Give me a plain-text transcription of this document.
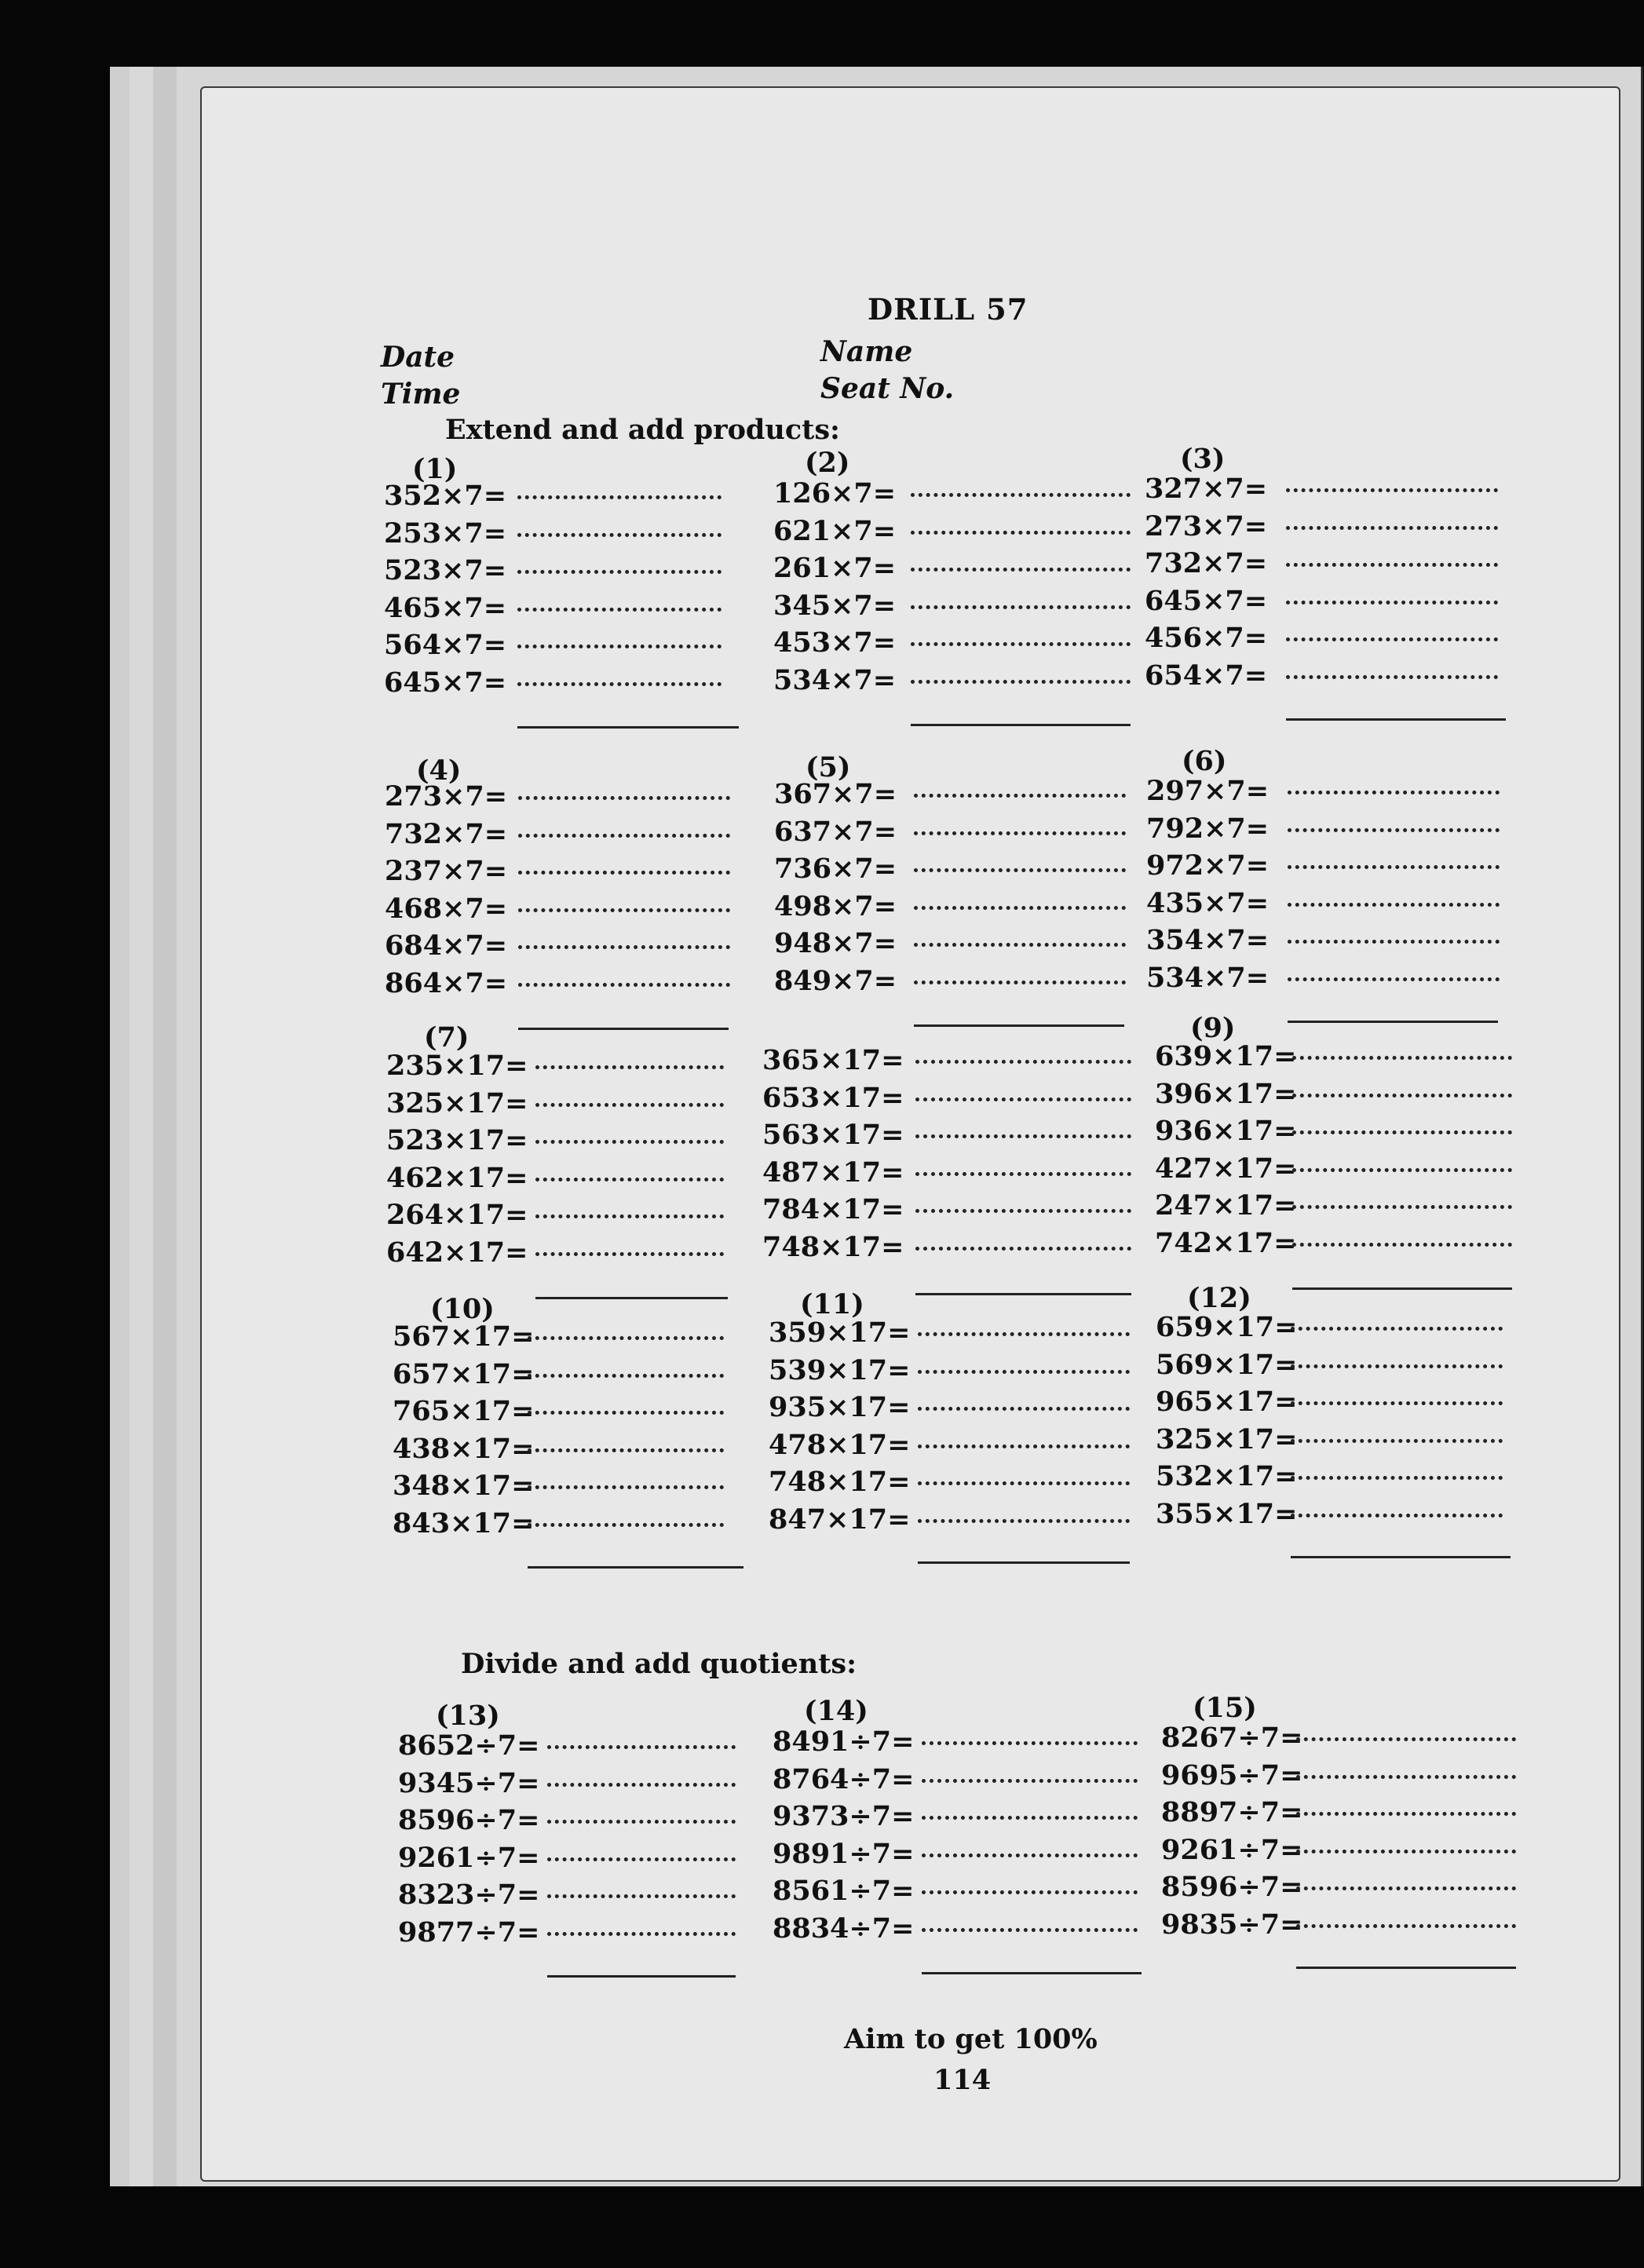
DRILL 57
Date
Time
Name
Seat No.
Extend and add products:
(1)
352×7=
253×7=
523×7=
465×7=
564×7=
645×7=
(2)
126×7=
621×7=
261×7=
345×7=
453×7=
534×7=
(3)
327×7=
273×7=
732×7=
645×7=
456×7=
654×7=
(4)
273×7=
732×7=
237×7=
468×7=
684×7=
864×7=
(5)
367×7=
637×7=
736×7=
498×7=
948×7=
849×7=
(6)
297×7=
792×7=
972×7=
435×7=
354×7=
534×7=
(7)
235×17=
325×17=
523×17=
462×17=
264×17=
642×17=
365×17=
653×17=
563×17=
487×17=
784×17=
748×17=
(9)
639×17=
396×17=
936×17=
427×17=
247×17=
742×17=
(10)
567×17=
657×17=
765×17=
438×17=
348×17=
843×17=
(11)
359×17=
539×17=
935×17=
478×17=
748×17=
847×17=
(12)
659×17=
569×17=
965×17=
325×17=
532×17=
355×17=
(13)
8652÷7=
9345÷7=
8596÷7=
9261÷7=
8323÷7=
9877÷7=
(14)
8491÷7=
8764÷7=
9373÷7=
9891÷7=
8561÷7=
8834÷7=
(15)
8267÷7=
9695÷7=
8897÷7=
9261÷7=
8596÷7=
9835÷7=
Divide and add quotients:
Aim to get 100%
114
